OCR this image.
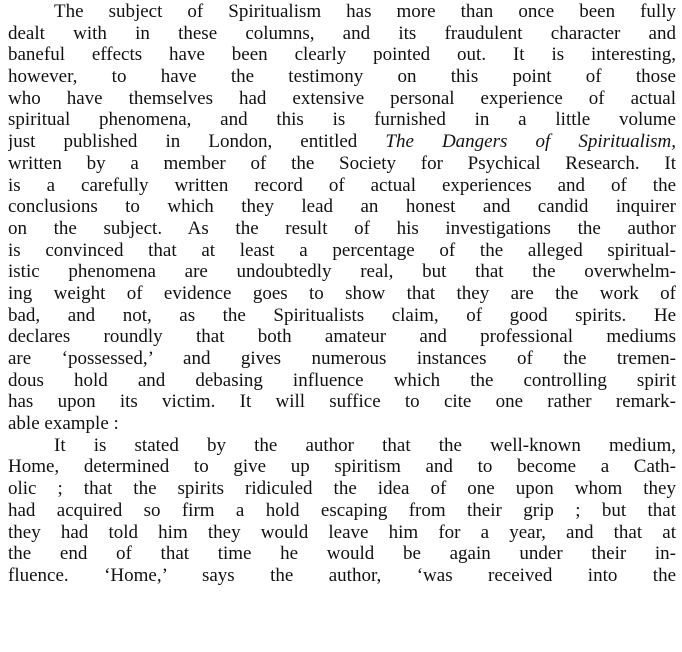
The subject of Spiritualism has more than once been fully
dealt with in these columns, and its fraudulent character and
baneful effects have been clearly pointed out. It is interesting,
however, to have the testimony on this point of those
who have themselves had extensive personal experience of actual
spiritual phenomena, and this is furnished in a little volume
just published in London, entitled The Dangers of Spiritualism,
written by a member of the Society for Psychical Research. It
is a carefully written record of actual experiences and of the
conclusions to which they lead an honest and candid inquirer
on the subject. As the result of his investigations the author
is convinced that at least a percentage of the alleged spiritual-
istic phenomena are undoubtedly real, but that the overwhelm-
ing weight of evidence goes to show that they are the work of
bad, and not, as the Spiritualists claim, of good spirits. He
declares roundly that both amateur and professional mediums
are ‘possessed,’ and gives numerous instances of the tremen-
dous hold and debasing influence which the controlling spirit
has upon its victim. It will suffice to cite one rather remark-
able example :
It is stated by the author that the well-known medium,
Home, determined to give up spiritism and to become a Cath-
olic ; that the spirits ridiculed the idea of one upon whom they
had acquired so firm a hold escaping from their grip ; but that
they had told him they would leave him for a year, and that at
the end of that time he would be again under their in-
fluence. ‘Home,’ says the author, ‘was received into the
